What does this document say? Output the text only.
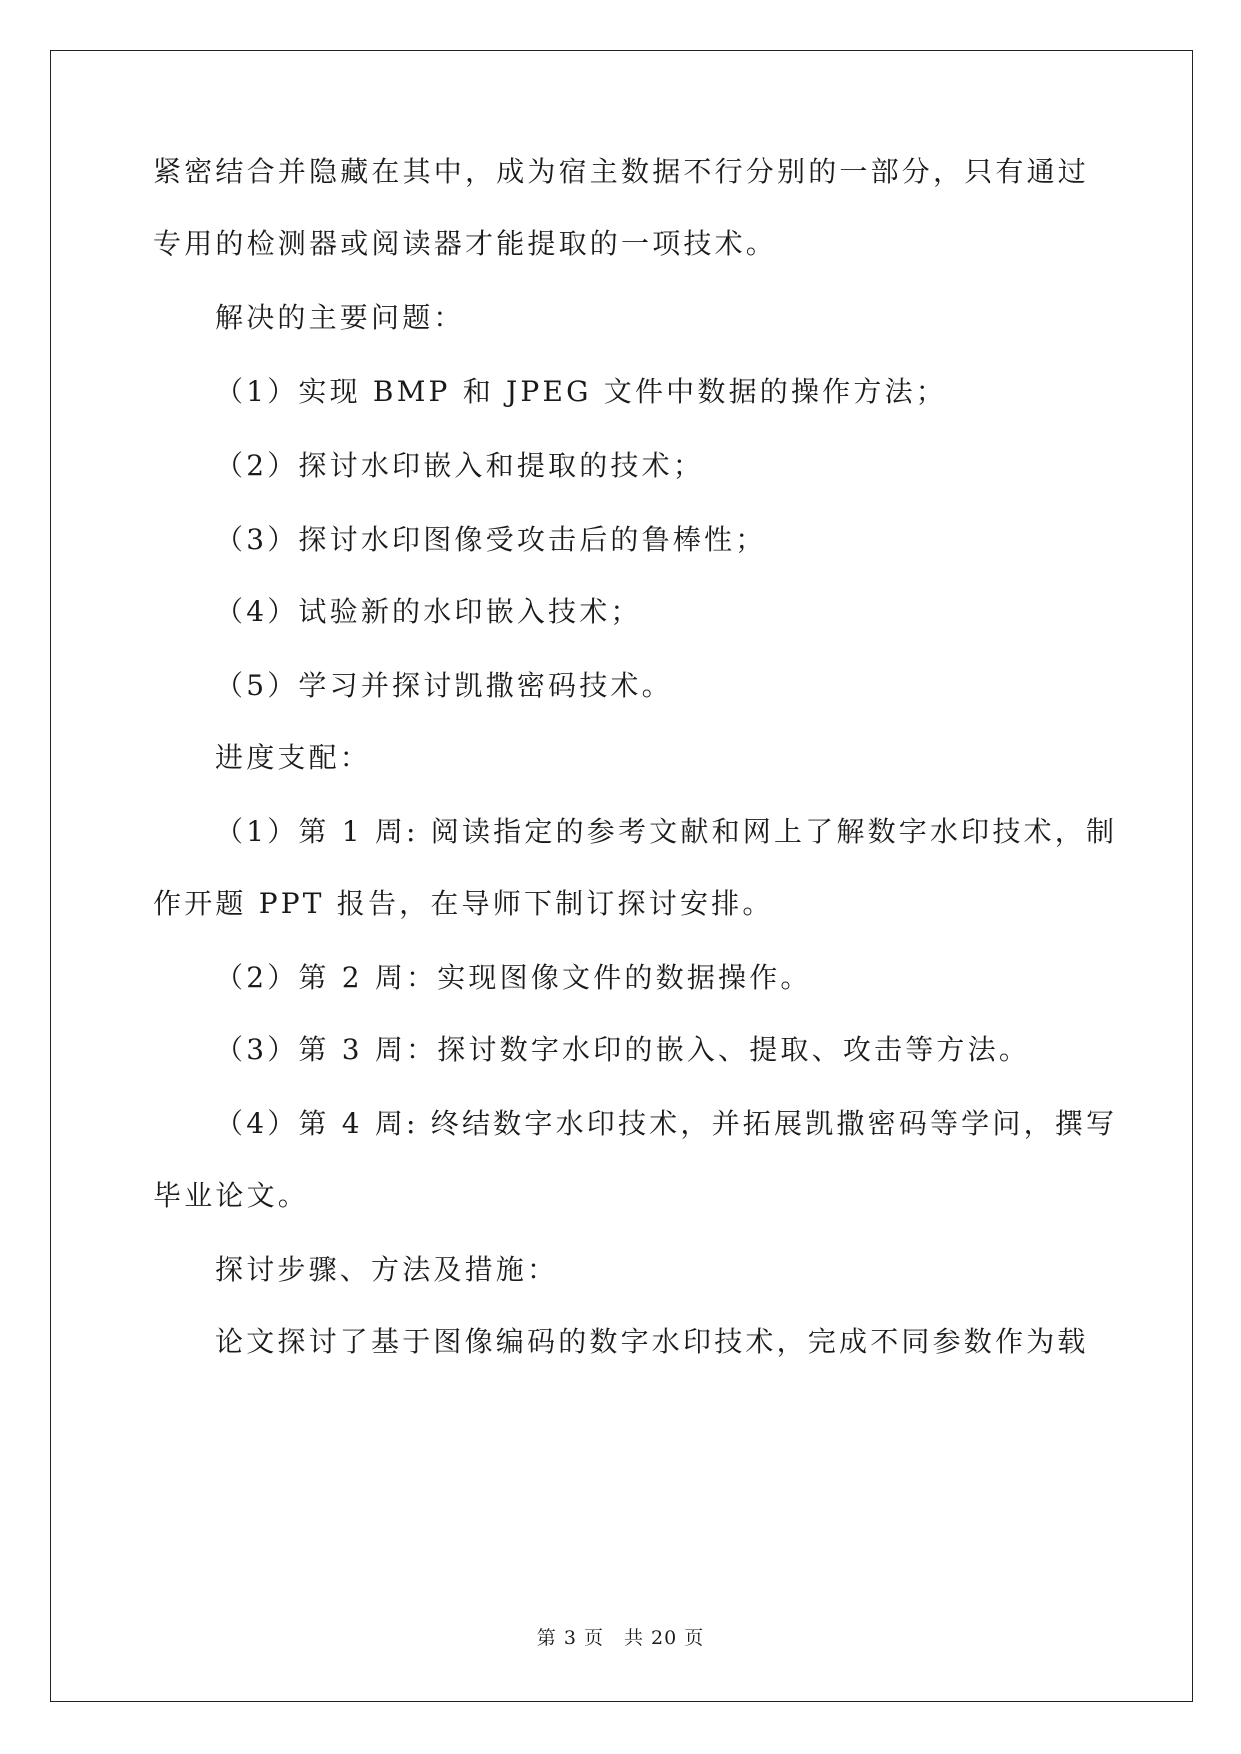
紧密结合并隐藏在其中，成为宿主数据不行分别的一部分，只有通过
专用的检测器或阅读器才能提取的一项技术。
解决的主要问题：
（1）实现 BMP 和 JPEG 文件中数据的操作方法；
（2）探讨水印嵌入和提取的技术；
（3）探讨水印图像受攻击后的鲁棒性；
（4）试验新的水印嵌入技术；
（5）学习并探讨凯撒密码技术。
进度支配：
（1）第 1 周: 阅读指定的参考文献和网上了解数字水印技术，制
作开题 PPT 报告，在导师下制订探讨安排。
（2）第 2 周：实现图像文件的数据操作。
（3）第 3 周：探讨数字水印的嵌入、提取、攻击等方法。
（4）第 4 周: 终结数字水印技术，并拓展凯撒密码等学问，撰写
毕业论文。
探讨步骤、方法及措施：
论文探讨了基于图像编码的数字水印技术，完成不同参数作为载
第 3 页 共 20 页
